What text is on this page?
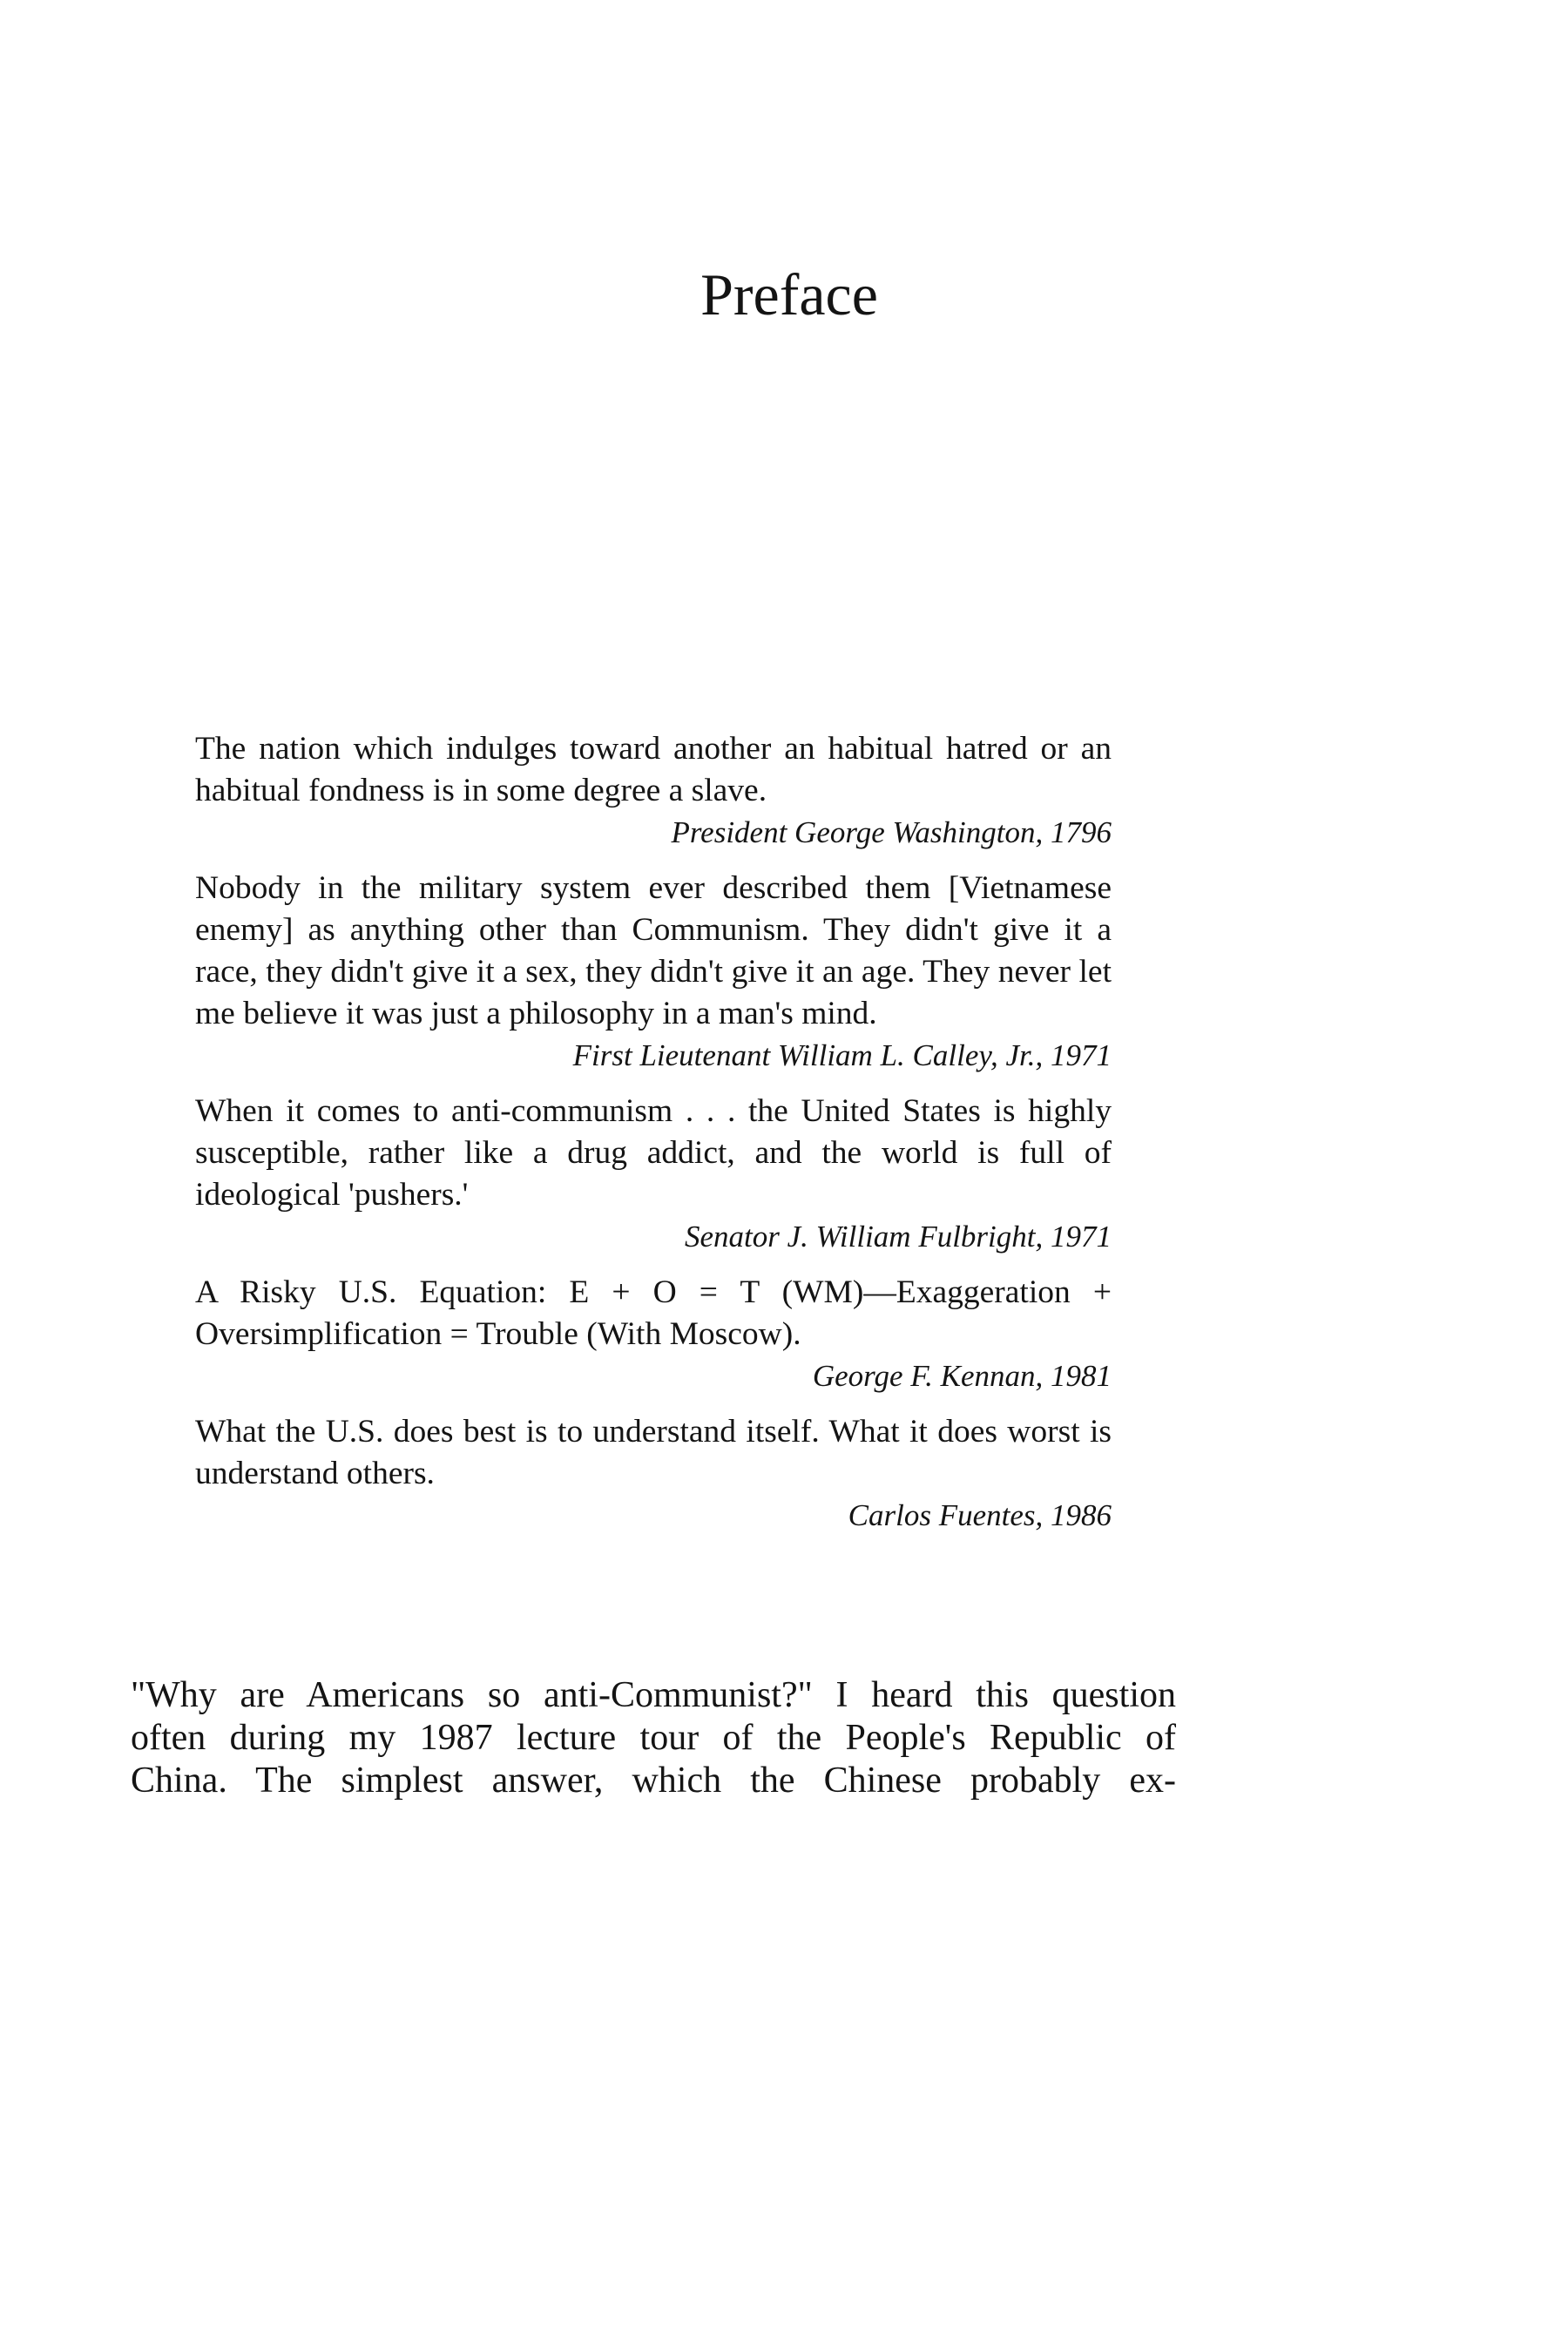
Preface

The nation which indulges toward another an habitual hatred or an habitual fondness is in some degree a slave.

President George Washington, 1796

Nobody in the military system ever described them [Vietnamese enemy] as anything other than Communism. They didn't give it a race, they didn't give it a sex, they didn't give it an age. They never let me believe it was just a philosophy in a man's mind.

First Lieutenant William L. Calley, Jr., 1971

When it comes to anti-communism . . . the United States is highly susceptible, rather like a drug addict, and the world is full of ideological 'pushers.'

Senator J. William Fulbright, 1971

A Risky U.S. Equation: E + O = T (WM)—Exaggeration + Oversimplification = Trouble (With Moscow).

George F. Kennan, 1981

What the U.S. does best is to understand itself. What it does worst is understand others.

Carlos Fuentes, 1986

"Why are Americans so anti-Communist?" I heard this question
often during my 1987 lecture tour of the People's Republic of
China. The simplest answer, which the Chinese probably ex-
